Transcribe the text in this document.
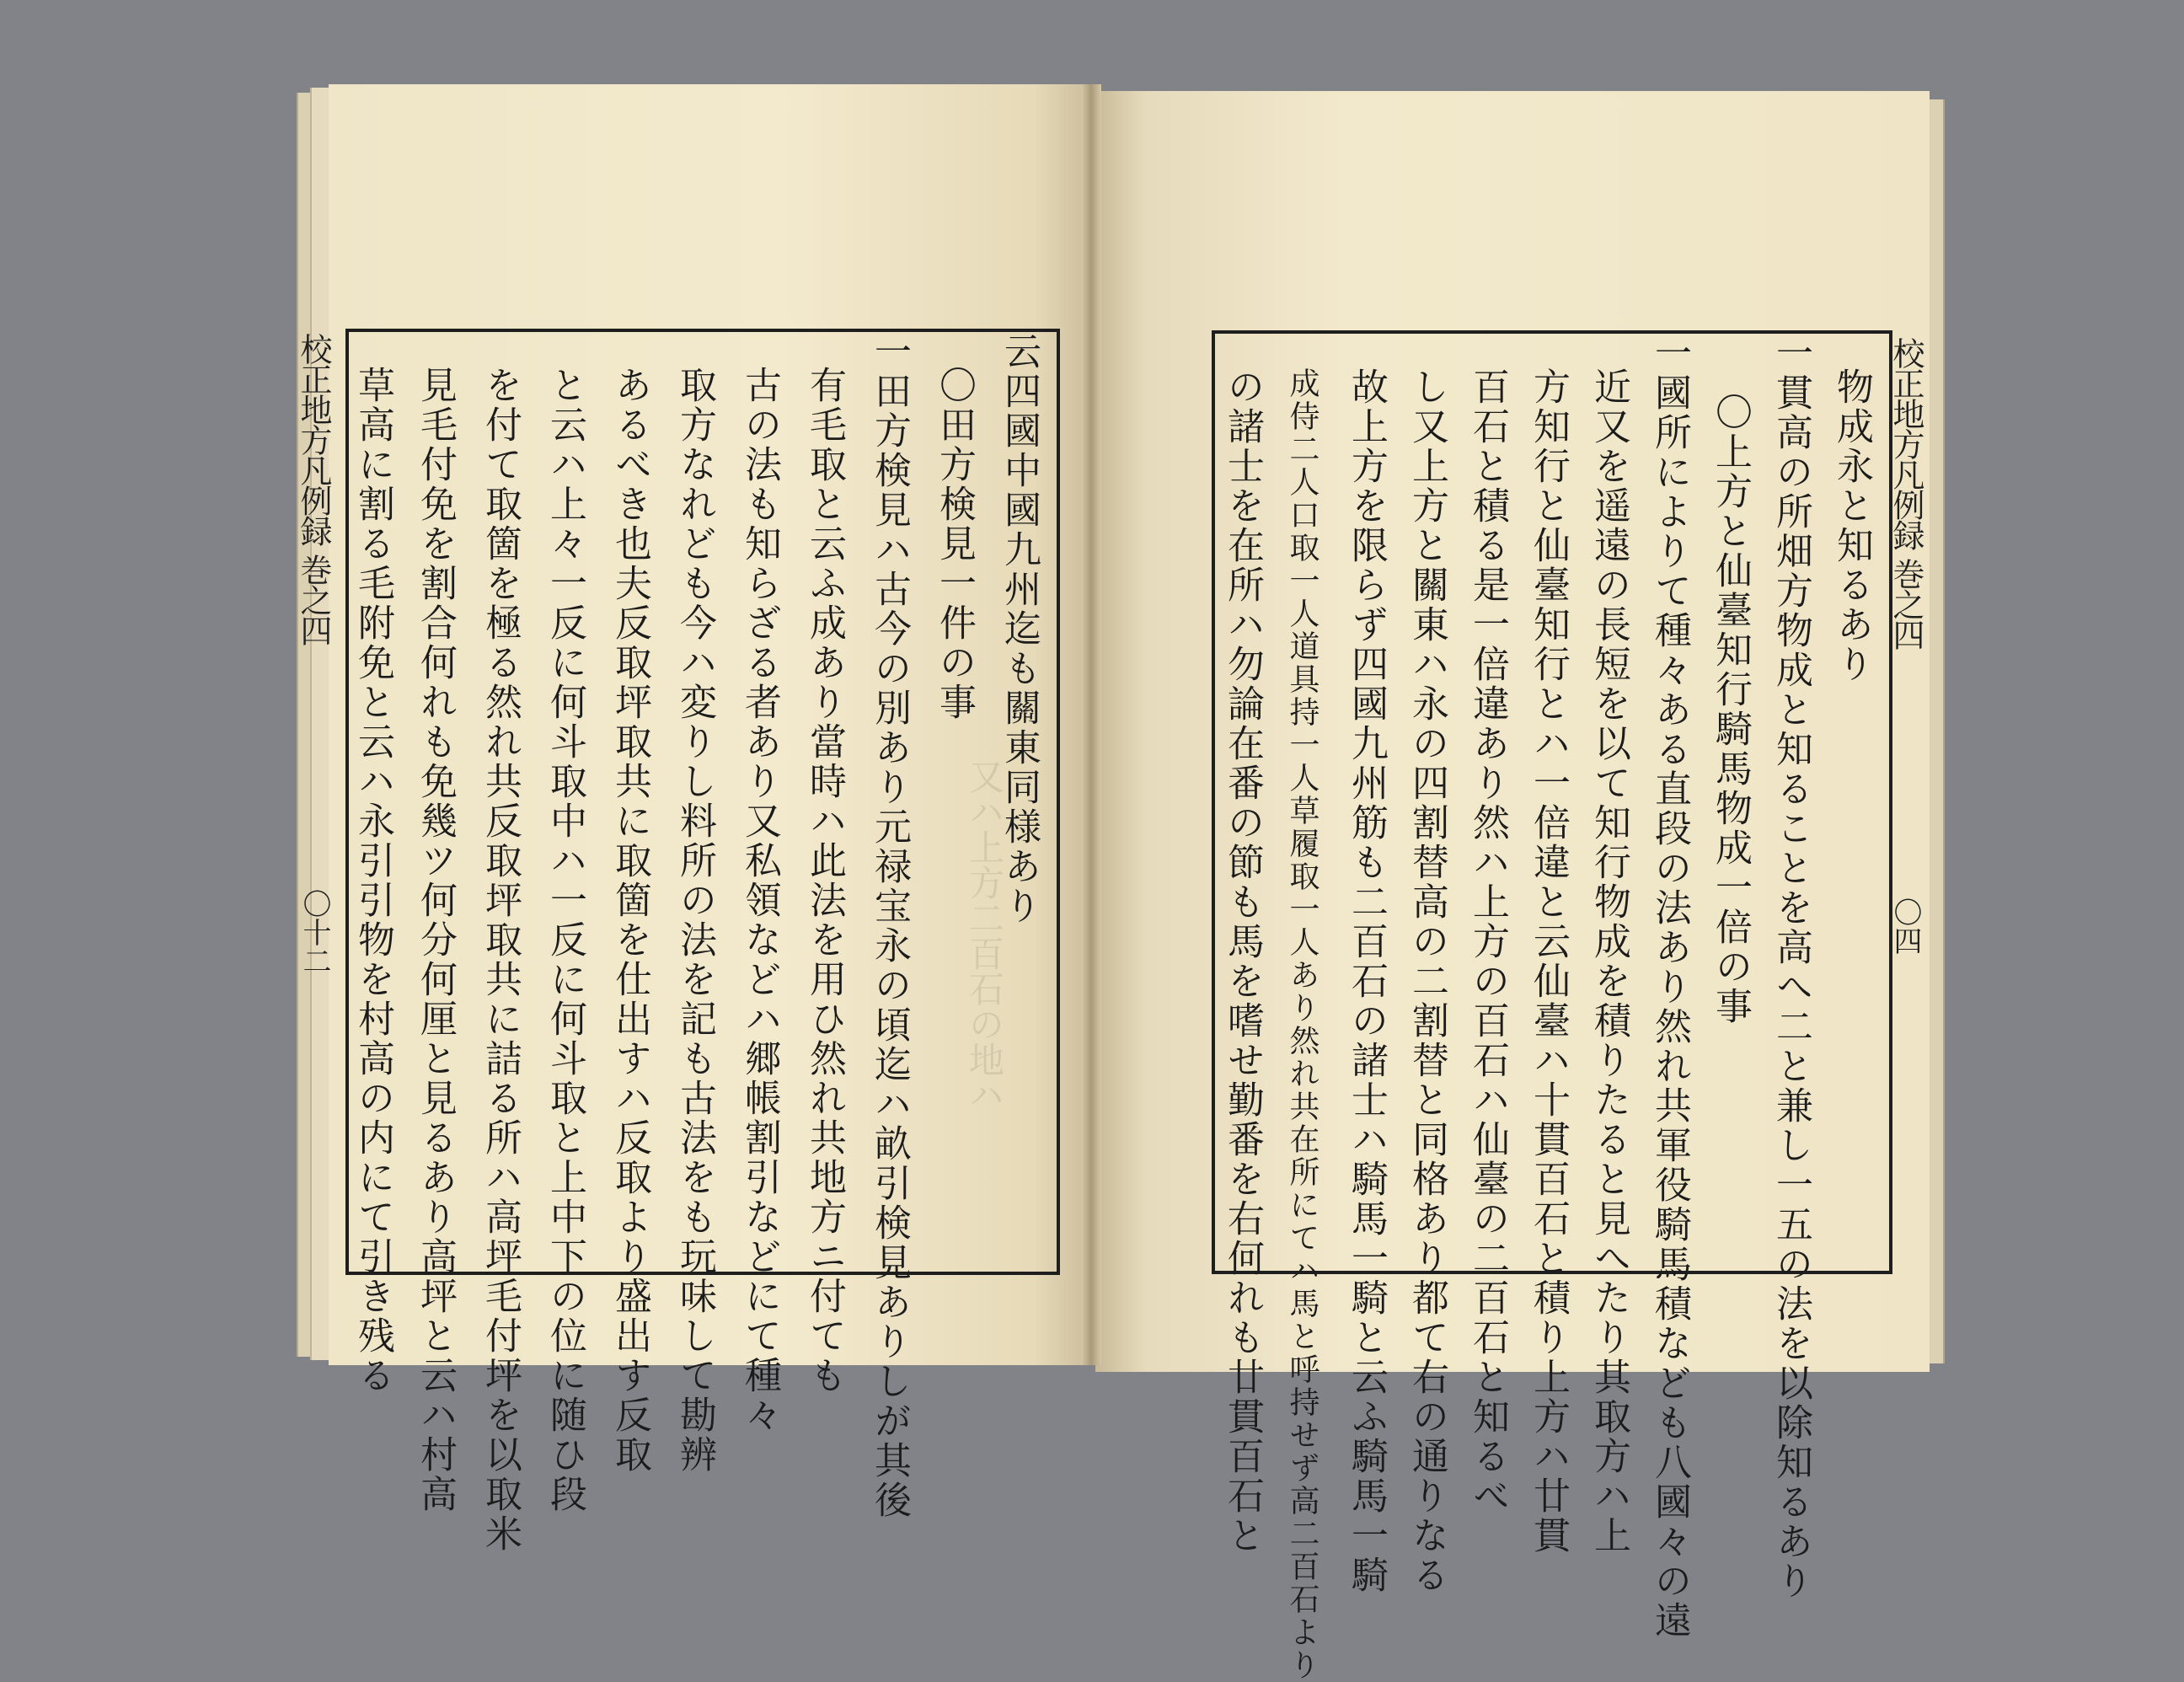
校正地方凡例録 巻之四
〇十二
校正地方凡例録 巻之四
〇四
又ハ上方二百石の地ハ
云四國中國九州迄も關東同様あり
〇田方検見一件の事
一田方検見ハ古今の別あり元禄宝永の頃迄ハ畝引検見ありしが其後
有毛取と云ふ成あり當時ハ此法を用ひ然れ共地方ニ付ても
古の法も知らざる者あり又私領などハ郷帳割引などにて種々
取方なれども今ハ変りし料所の法を記も古法をも玩味して勘辨
あるべき也夫反取坪取共に取箇を仕出すハ反取より盛出す反取
と云ハ上々一反に何斗取中ハ一反に何斗取と上中下の位に随ひ段
を付て取箇を極る然れ共反取坪取共に詰る所ハ高坪毛付坪を以取米
見毛付免を割合何れも免幾ツ何分何厘と見るあり高坪と云ハ村高
草高に割る毛附免と云ハ永引引物を村高の内にて引き残る	物成永と知るあり
一貫高の所畑方物成と知ることを高へ二と兼し一五の法を以除知るあり
〇上方と仙臺知行騎馬物成一倍の事
一國所によりて種々ある直段の法あり然れ共軍役騎馬積なども八國々の遠
近又を遥遠の長短を以て知行物成を積りたると見へたり其取方ハ上
方知行と仙臺知行とハ一倍違と云仙臺ハ十貫百石と積り上方ハ廿貫
百石と積る是一倍違あり然ハ上方の百石ハ仙臺の二百石と知るべ
し又上方と關東ハ永の四割替高の二割替と同格あり都て右の通りなる
故上方を限らず四國九州筋も二百石の諸士ハ騎馬一騎と云ふ騎馬一騎
成侍二人口取一人道具持一人草履取一人あり然れ共在所にてハ馬と呼持せず高二百石より
の諸士を在所ハ勿論在番の節も馬を嗜せ勤番を右何れも廿貫百石と
